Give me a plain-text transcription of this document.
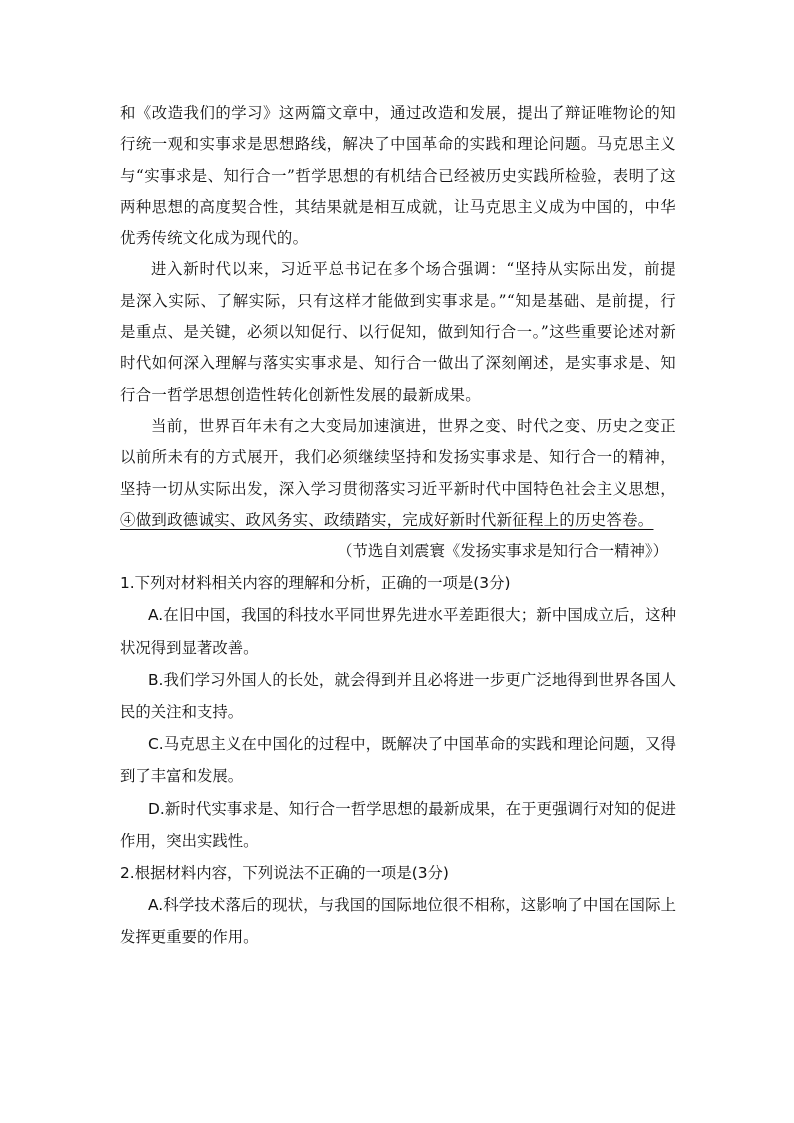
和《改造我们的学习》这两篇文章中，通过改造和发展，提出了辩证唯物论的知行统一观和实事求是思想路线，解决了中国革命的实践和理论问题。马克思主义与“实事求是、知行合一”哲学思想的有机结合已经被历史实践所检验，表明了这两种思想的高度契合性，其结果就是相互成就，让马克思主义成为中国的，中华优秀传统文化成为现代的。

进入新时代以来，习近平总书记在多个场合强调：“坚持从实际出发，前提是深入实际、了解实际，只有这样才能做到实事求是。”“知是基础、是前提，行是重点、是关键，必须以知促行、以行促知，做到知行合一。”这些重要论述对新时代如何深入理解与落实实事求是、知行合一做出了深刻阐述，是实事求是、知行合一哲学思想创造性转化创新性发展的最新成果。

当前，世界百年未有之大变局加速演进，世界之变、时代之变、历史之变正以前所未有的方式展开，我们必须继续坚持和发扬实事求是、知行合一的精神，坚持一切从实际出发，深入学习贯彻落实习近平新时代中国特色社会主义思想，④做到政德诚实、政风务实、政绩踏实，完成好新时代新征程上的历史答卷。

（节选自刘震寰《发扬实事求是知行合一精神》）

1.下列对材料相关内容的理解和分析，正确的一项是(3分)

A.在旧中国，我国的科技水平同世界先进水平差距很大；新中国成立后，这种状况得到显著改善。

B.我们学习外国人的长处，就会得到并且必将进一步更广泛地得到世界各国人民的关注和支持。

C.马克思主义在中国化的过程中，既解决了中国革命的实践和理论问题，又得到了丰富和发展。

D.新时代实事求是、知行合一哲学思想的最新成果，在于更强调行对知的促进作用，突出实践性。

2.根据材料内容，下列说法不正确的一项是(3分)

A.科学技术落后的现状，与我国的国际地位很不相称，这影响了中国在国际上发挥更重要的作用。
